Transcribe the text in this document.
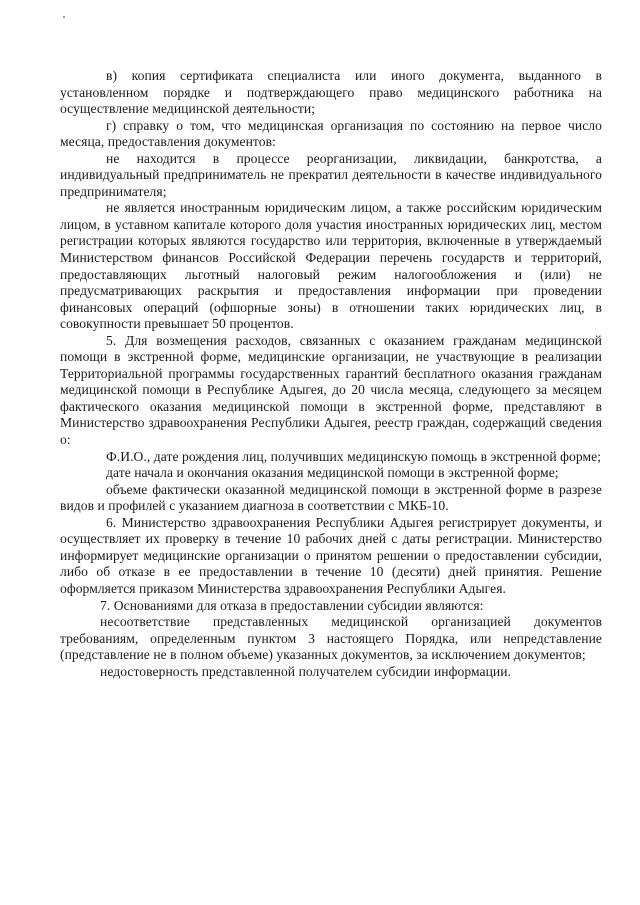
в) копия сертификата специалиста или иного документа, выданного в установленном порядке и подтверждающего право медицинского работника на осуществление медицинской деятельности;

г) справку о том, что медицинская организация по состоянию на первое число месяца, предоставления документов:

не находится в процессе реорганизации, ликвидации, банкротства, а индивидуальный предприниматель не прекратил деятельности в качестве индивидуального предпринимателя;

не является иностранным юридическим лицом, а также российским юридическим лицом, в уставном капитале которого доля участия иностранных юридических лиц, местом регистрации которых являются государство или территория, включенные в утверждаемый Министерством финансов Российской Федерации перечень государств и территорий, предоставляющих льготный налоговый режим налогообложения и (или) не предусматривающих раскрытия и предоставления информации при проведении финансовых операций (офшорные зоны) в отношении таких юридических лиц, в совокупности превышает 50 процентов.

5. Для возмещения расходов, связанных с оказанием гражданам медицинской помощи в экстренной форме, медицинские организации, не участвующие в реализации Территориальной программы государственных гарантий бесплатного оказания гражданам медицинской помощи в Республике Адыгея, до 20 числа месяца, следующего за месяцем фактического оказания медицинской помощи в экстренной форме, представляют в Министерство здравоохранения Республики Адыгея, реестр граждан, содержащий сведения о:

Ф.И.О., дате рождения лиц, получивших медицинскую помощь в экстренной форме;

дате начала и окончания оказания медицинской помощи в экстренной форме;

объеме фактически оказанной медицинской помощи в экстренной форме в разрезе видов и профилей с указанием диагноза в соответствии с МКБ-10.

6. Министерство здравоохранения Республики Адыгея регистрирует документы, и осуществляет их проверку в течение 10 рабочих дней с даты регистрации. Министерство информирует медицинские организации о принятом решении о предоставлении субсидии, либо об отказе в ее предоставлении в течение 10 (десяти) дней принятия. Решение оформляется приказом Министерства здравоохранения Республики Адыгея.

7. Основаниями для отказа в предоставлении субсидии являются:

несоответствие представленных медицинской организацией документов требованиям, определенным пунктом 3 настоящего Порядка, или непредставление (представление не в полном объеме) указанных документов, за исключением документов;

недостоверность представленной получателем субсидии информации.
